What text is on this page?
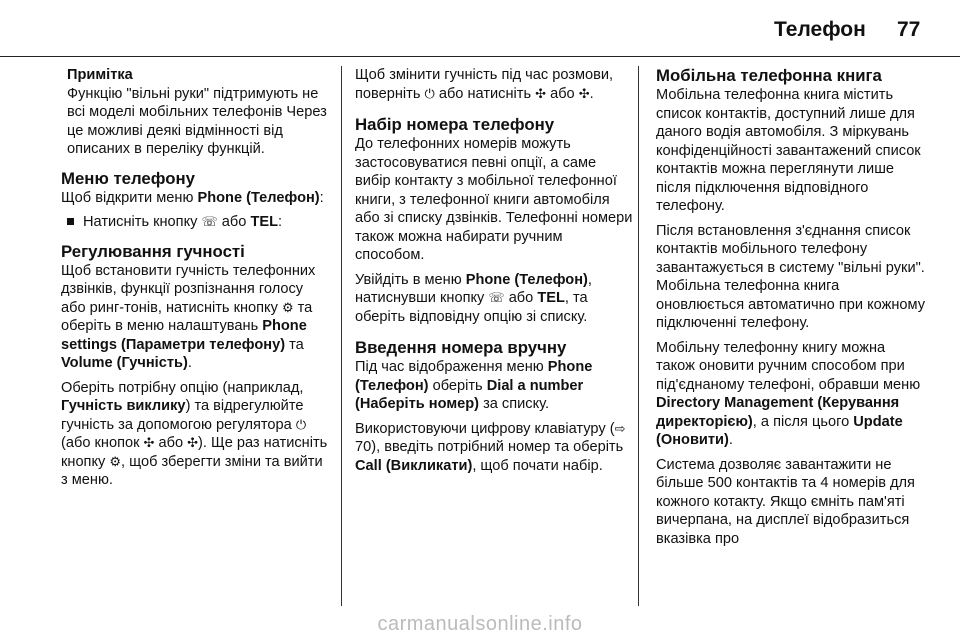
Телефон 77
Примітка
Функцію "вільні руки" підтримують не всі моделі мобільних телефонів Через це можливі деякі відмінності від описаних в переліку функцій.
Меню телефону

Щоб відкрити меню Phone (Телефон):

Натисніть кнопку ☏ або TEL:
Регулювання гучності

Щоб встановити гучність телефонних дзвінків, функції розпізнання голосу або ринг-тонів, натисніть кнопку ⚙ та оберіть в меню налаштувань Phone settings (Параметри телефону) та Volume (Гучність).

Оберіть потрібну опцію (наприклад, Гучність виклику) та відрегулюйте гучність за допомогою регулятора ⏻ (або кнопок ✣ або ✣). Ще раз натисніть кнопку ⚙, щоб зберегти зміни та вийти з меню.

Щоб змінити гучність під час розмови, поверніть ⏻ або натисніть ✣ або ✣.

Набір номера телефону

До телефонних номерів можуть застосовуватися певні опції, а саме вибір контакту з мобільної телефонної книги, з телефонної книги автомобіля або зі списку дзвінків. Телефонні номери також можна набирати ручним способом.

Увійдіть в меню Phone (Телефон), натиснувши кнопку ☏ або TEL, та оберіть відповідну опцію зі списку.

Введення номера вручну

Під час відображення меню Phone (Телефон) оберіть Dial a number (Наберіть номер) за списку.

Використовуючи цифрову клавіатуру (⇨70), введіть потрібний номер та оберіть Call (Викликати), щоб почати набір.

Мобільна телефонна книга

Мобільна телефонна книга містить список контактів, доступний лише для даного водія автомобіля. З міркувань конфіденційності завантажений список контактів можна переглянути лише після підключення відповідного телефону.

Після встановлення з'єднання список контактів мобільного телефону завантажується в систему "вільні руки". Мобільна телефонна книга оновлюється автоматично при кожному підключенні телефону.

Мобільну телефонну книгу можна також оновити ручним способом при під'єднаному телефоні, обравши меню Directory Management (Керування директорією), а після цього Update (Оновити).

Система дозволяє завантажити не більше 500 контактів та 4 номерів для кожного котакту. Якщо ємніть пам'яті вичерпана, на дисплеї відобразиться вказівка про

carmanualsonline.info
